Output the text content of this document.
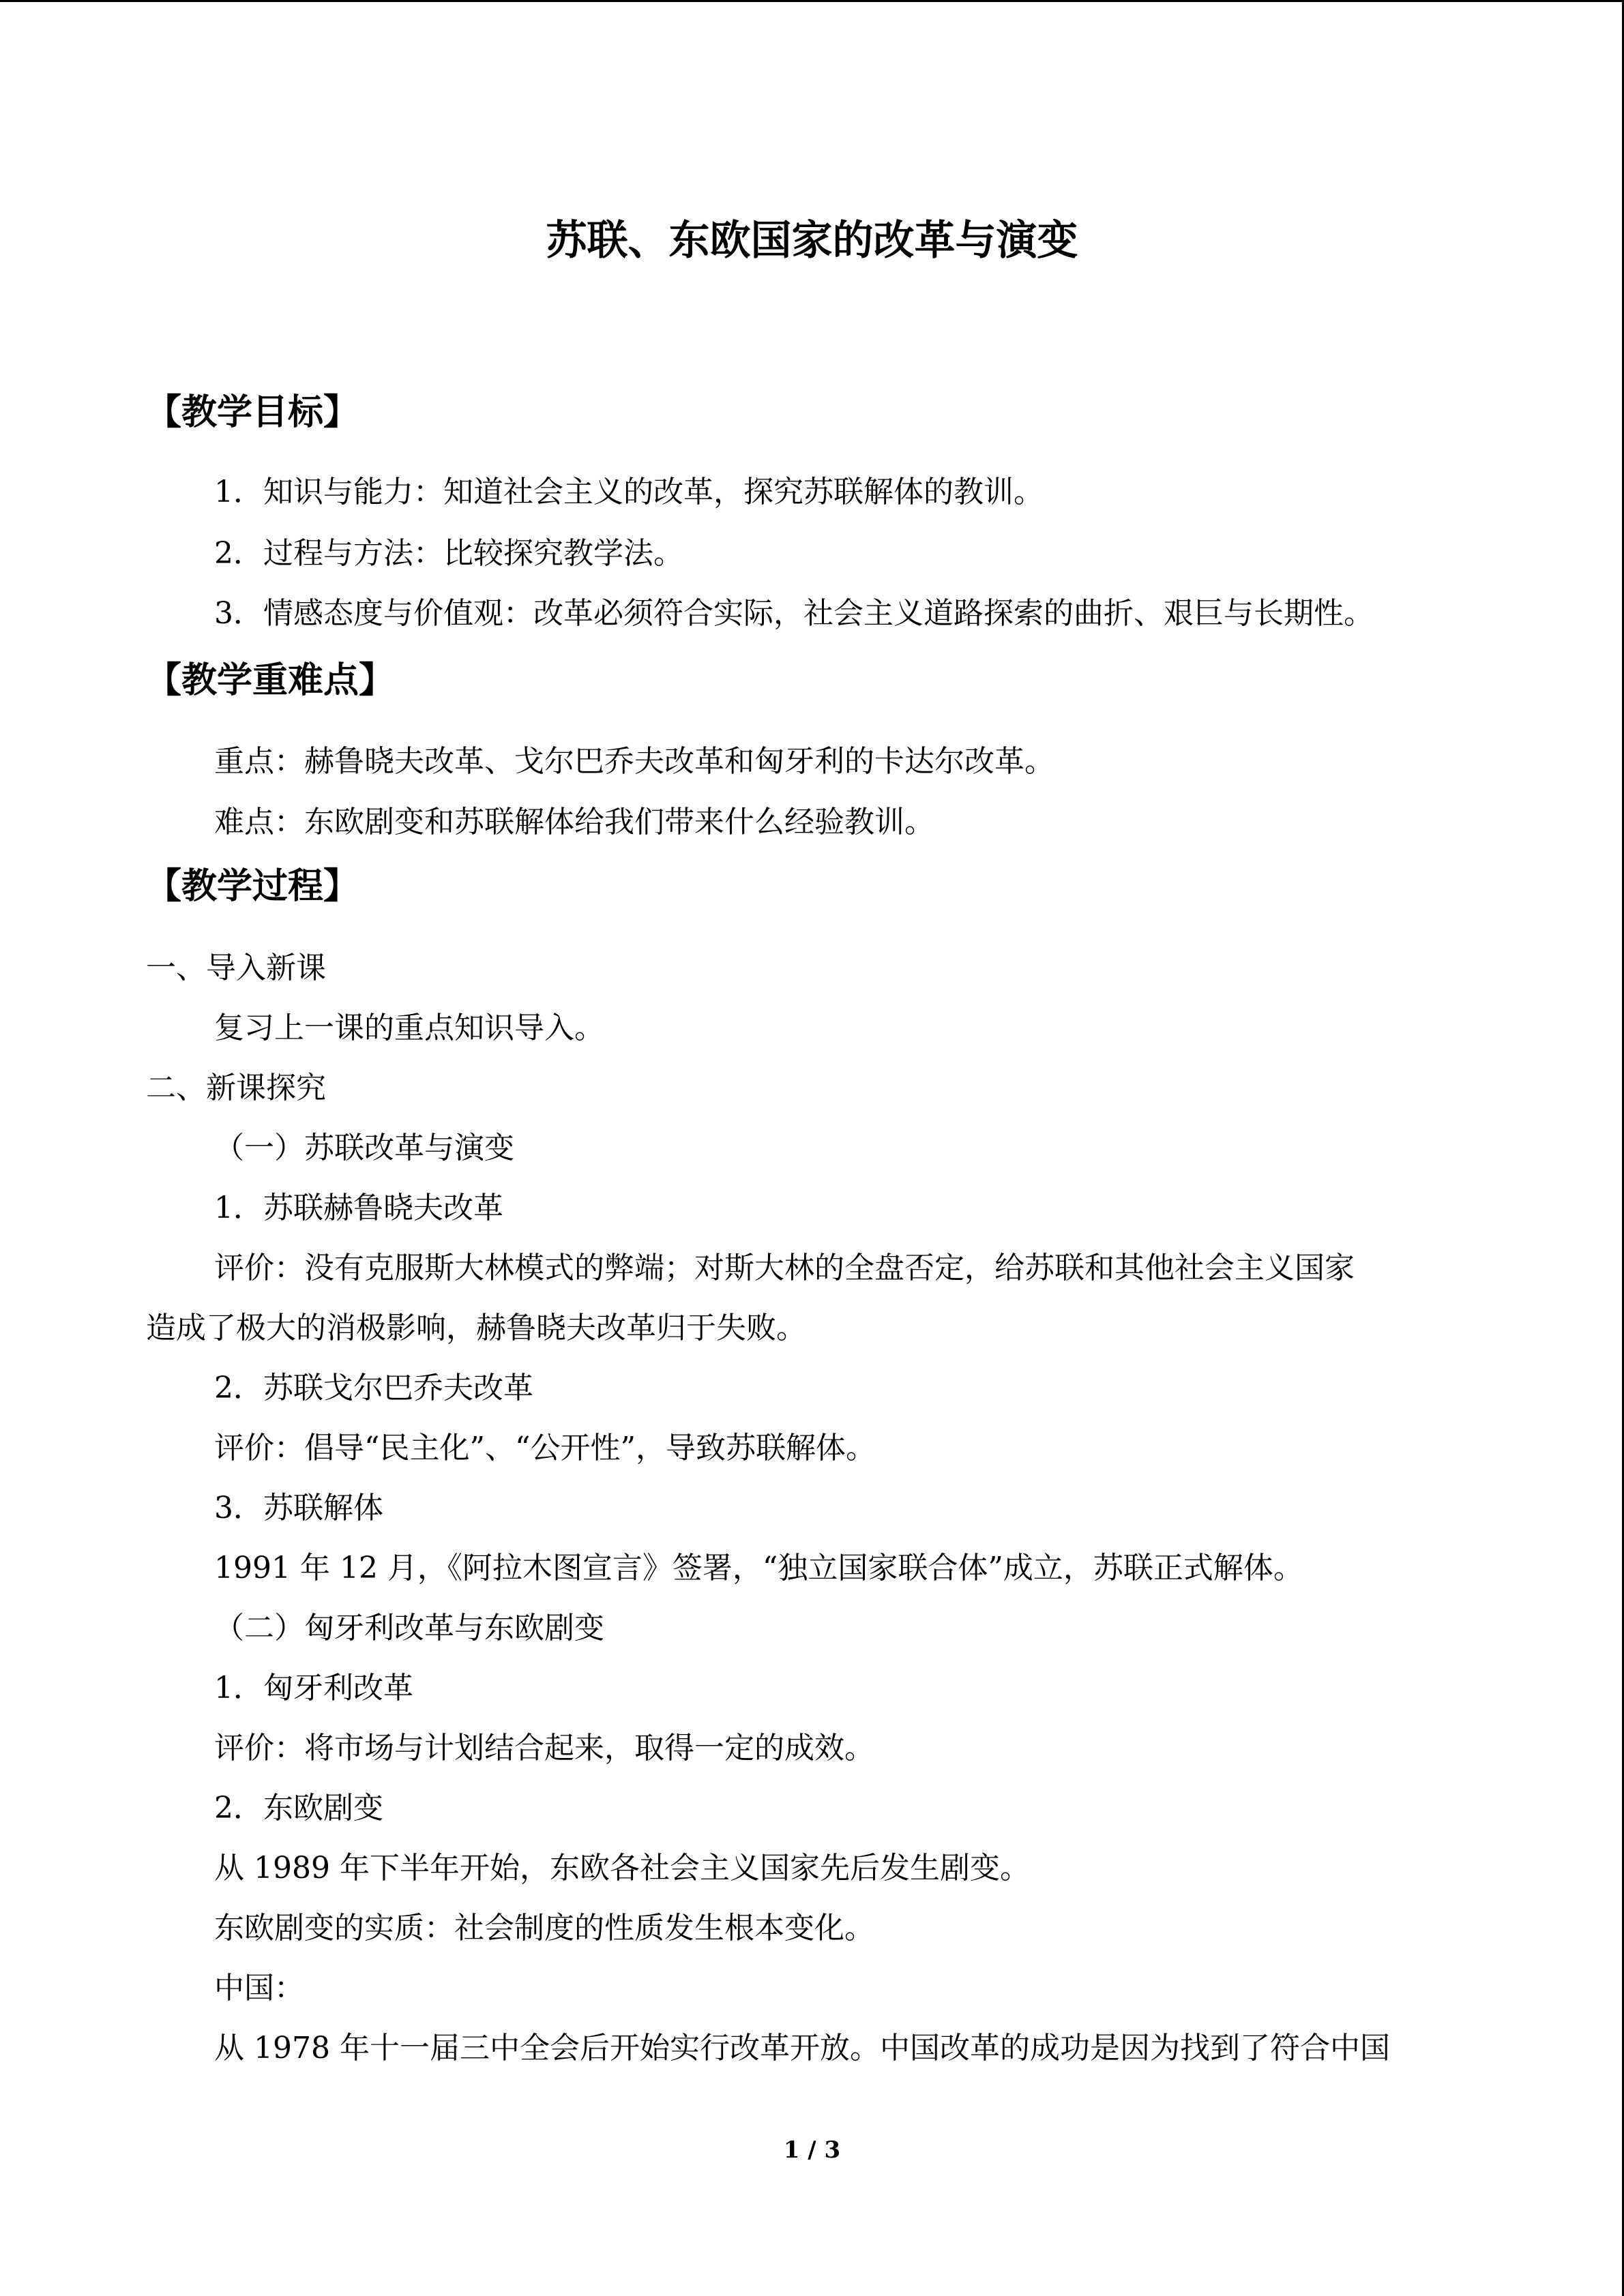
苏联、东欧国家的改革与演变
【教学目标】

1．知识与能力：知道社会主义的改革，探究苏联解体的教训。

2．过程与方法：比较探究教学法。

3．情感态度与价值观：改革必须符合实际，社会主义道路探索的曲折、艰巨与长期性。

【教学重难点】

重点：赫鲁晓夫改革、戈尔巴乔夫改革和匈牙利的卡达尔改革。

难点：东欧剧变和苏联解体给我们带来什么经验教训。

【教学过程】

一、导入新课

复习上一课的重点知识导入。

二、新课探究

（一）苏联改革与演变

1．苏联赫鲁晓夫改革

评价：没有克服斯大林模式的弊端；对斯大林的全盘否定，给苏联和其他社会主义国家

造成了极大的消极影响，赫鲁晓夫改革归于失败。

2．苏联戈尔巴乔夫改革

评价：倡导“民主化”、“公开性”，导致苏联解体。

3．苏联解体

1991 年 12 月，《阿拉木图宣言》签署，“独立国家联合体”成立，苏联正式解体。

（二）匈牙利改革与东欧剧变

1．匈牙利改革

评价：将市场与计划结合起来，取得一定的成效。

2．东欧剧变

从 1989 年下半年开始，东欧各社会主义国家先后发生剧变。

东欧剧变的实质：社会制度的性质发生根本变化。

中国：

从 1978 年十一届三中全会后开始实行改革开放。中国改革的成功是因为找到了符合中国

1 / 3
